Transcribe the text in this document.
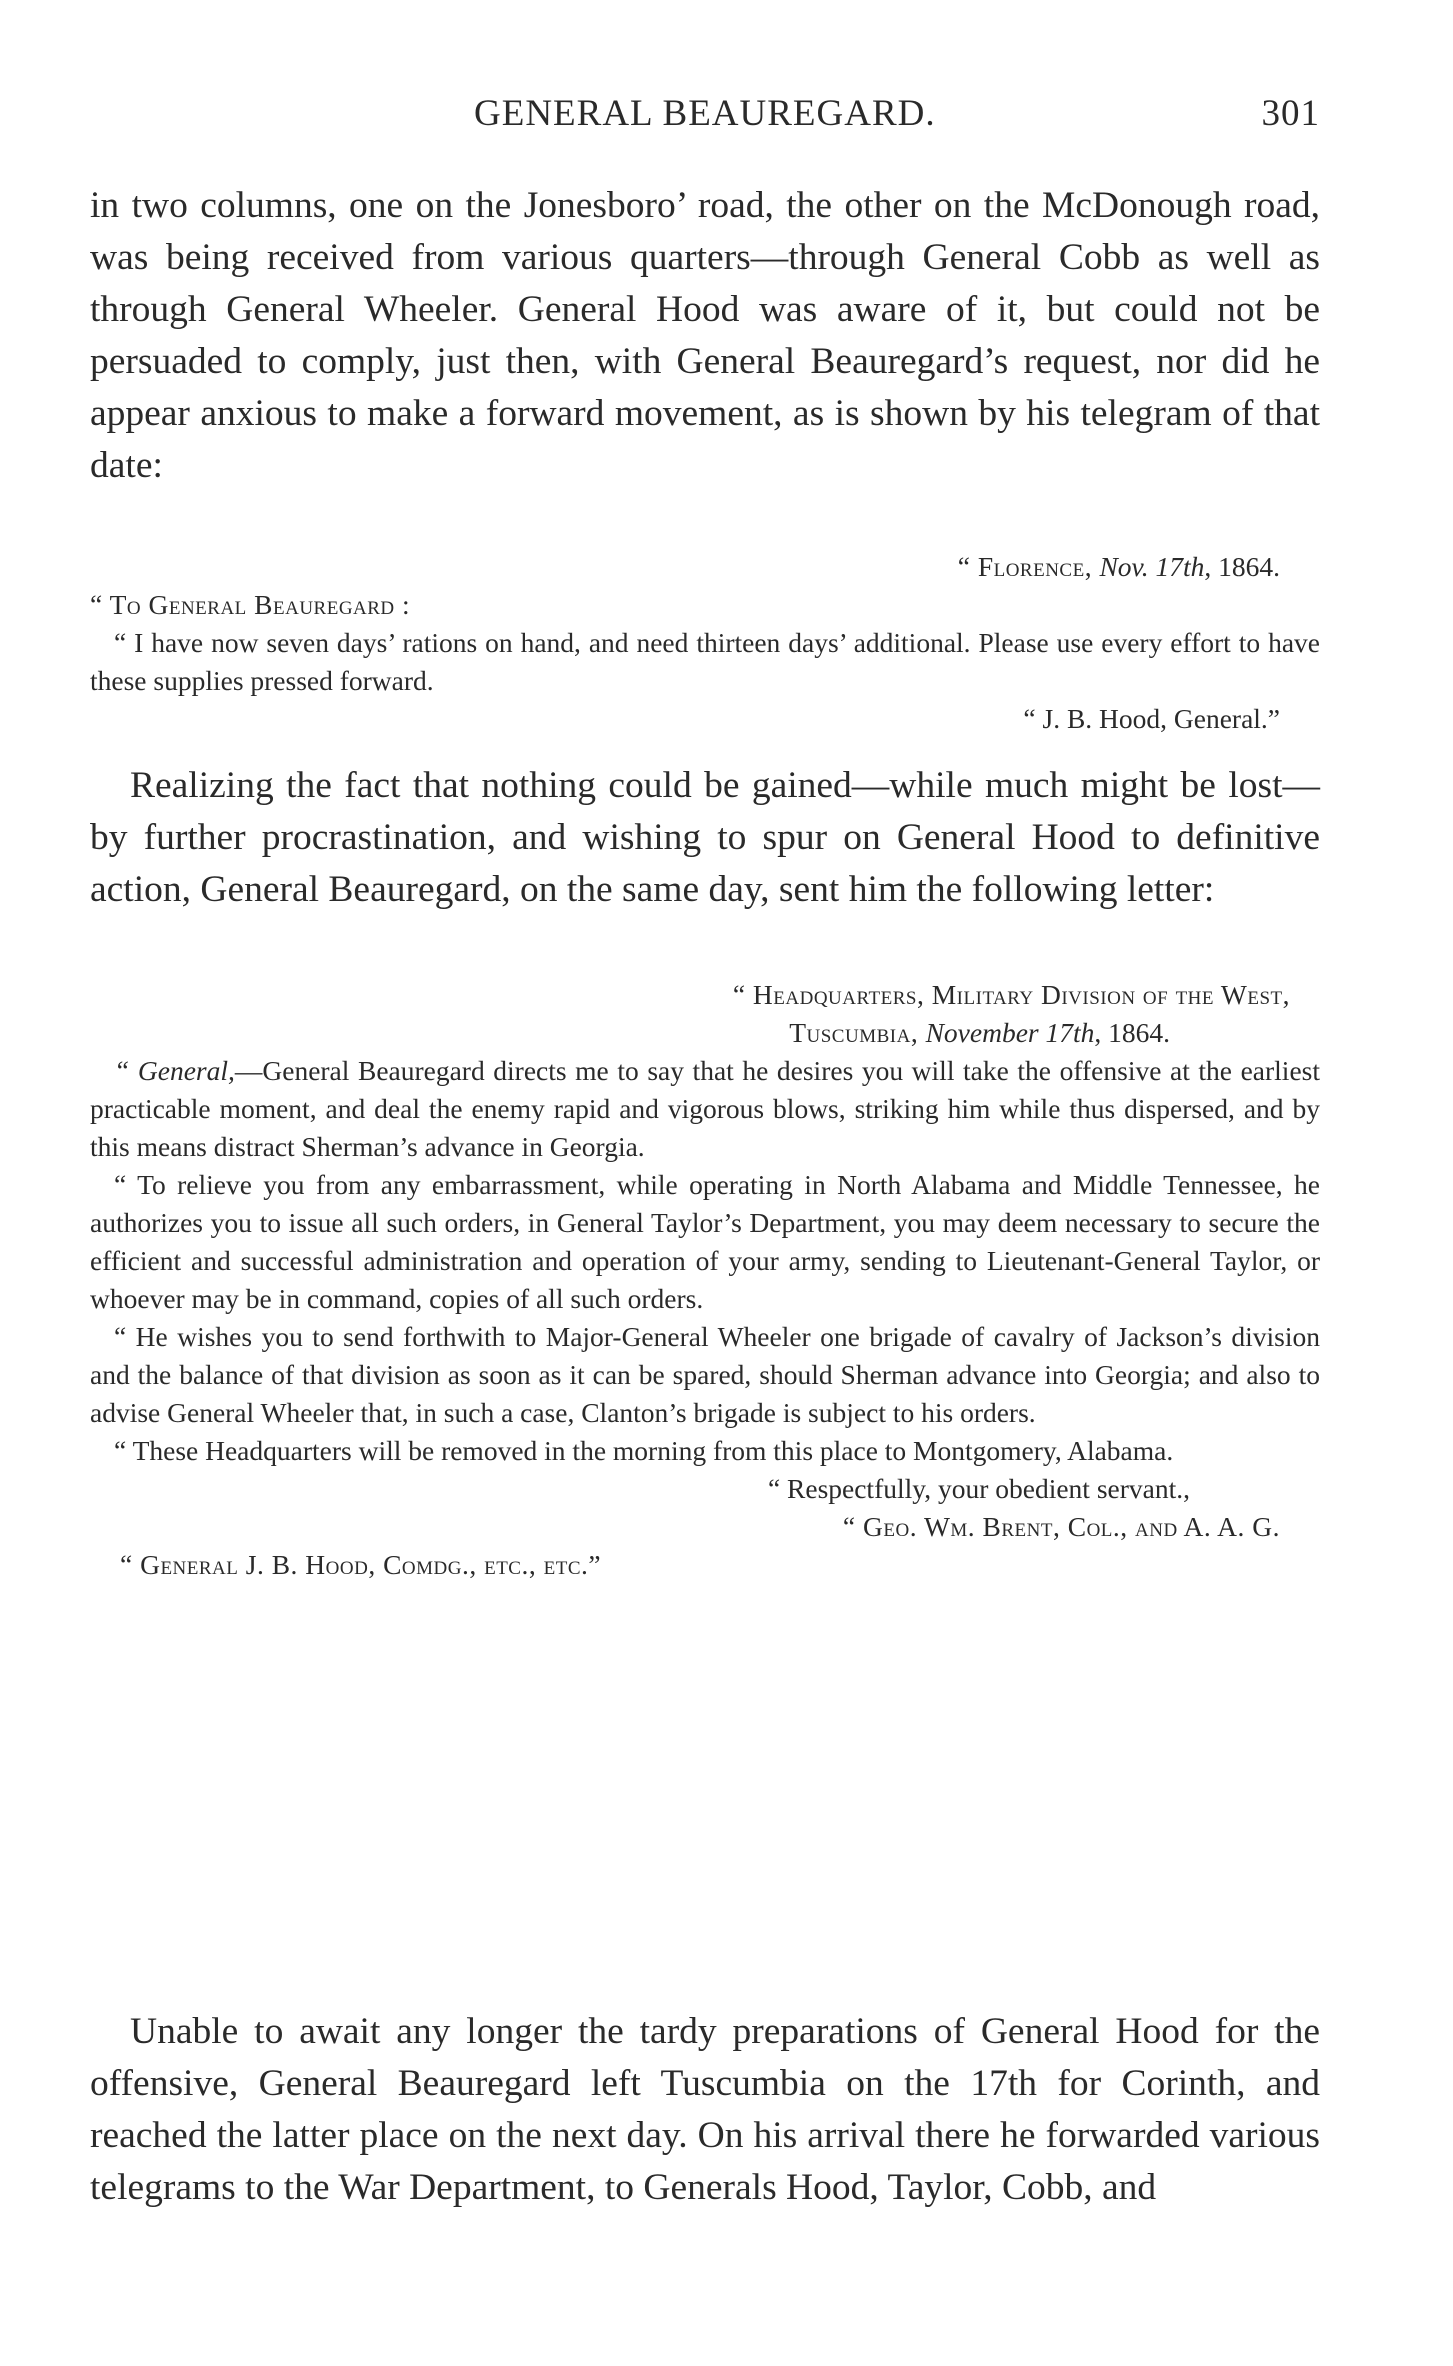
GENERAL BEAUREGARD.	301

in two columns, one on the Jonesboro’ road, the other on the McDonough road, was being received from various quarters—through General Cobb as well as through General Wheeler. General Hood was aware of it, but could not be persuaded to comply, just then, with General Beauregard’s request, nor did he appear anxious to make a forward movement, as is shown by his telegram of that date:

“ Florence, Nov. 17th, 1864.

“ To General Beauregard :

“ I have now seven days’ rations on hand, and need thirteen days’ additional. Please use every effort to have these supplies pressed forward.

“ J. B. Hood, General.”

Realizing the fact that nothing could be gained—while much might be lost—by further procrastination, and wishing to spur on General Hood to definitive action, General Beauregard, on the same day, sent him the following letter:

“ Headquarters, Military Division of the West,

Tuscumbia, November 17th, 1864.

“ General,—General Beauregard directs me to say that he desires you will take the offensive at the earliest practicable moment, and deal the enemy rapid and vigorous blows, striking him while thus dispersed, and by this means distract Sherman’s advance in Georgia.

“ To relieve you from any embarrassment, while operating in North Alabama and Middle Tennessee, he authorizes you to issue all such orders, in General Taylor’s Department, you may deem necessary to secure the efficient and successful administration and operation of your army, sending to Lieutenant-General Taylor, or whoever may be in command, copies of all such orders.

“ He wishes you to send forthwith to Major-General Wheeler one brigade of cavalry of Jackson’s division and the balance of that division as soon as it can be spared, should Sherman advance into Georgia; and also to advise General Wheeler that, in such a case, Clanton’s brigade is subject to his orders.

“ These Headquarters will be removed in the morning from this place to Montgomery, Alabama.

“ Respectfully, your obedient servant.,

“ Geo. Wm. Brent, Col., and A. A. G.

“ General J. B. Hood, Comdg., etc., etc.”

Unable to await any longer the tardy preparations of General Hood for the offensive, General Beauregard left Tuscumbia on the 17th for Corinth, and reached the latter place on the next day. On his arrival there he forwarded various telegrams to the War Department, to Generals Hood, Taylor, Cobb, and
